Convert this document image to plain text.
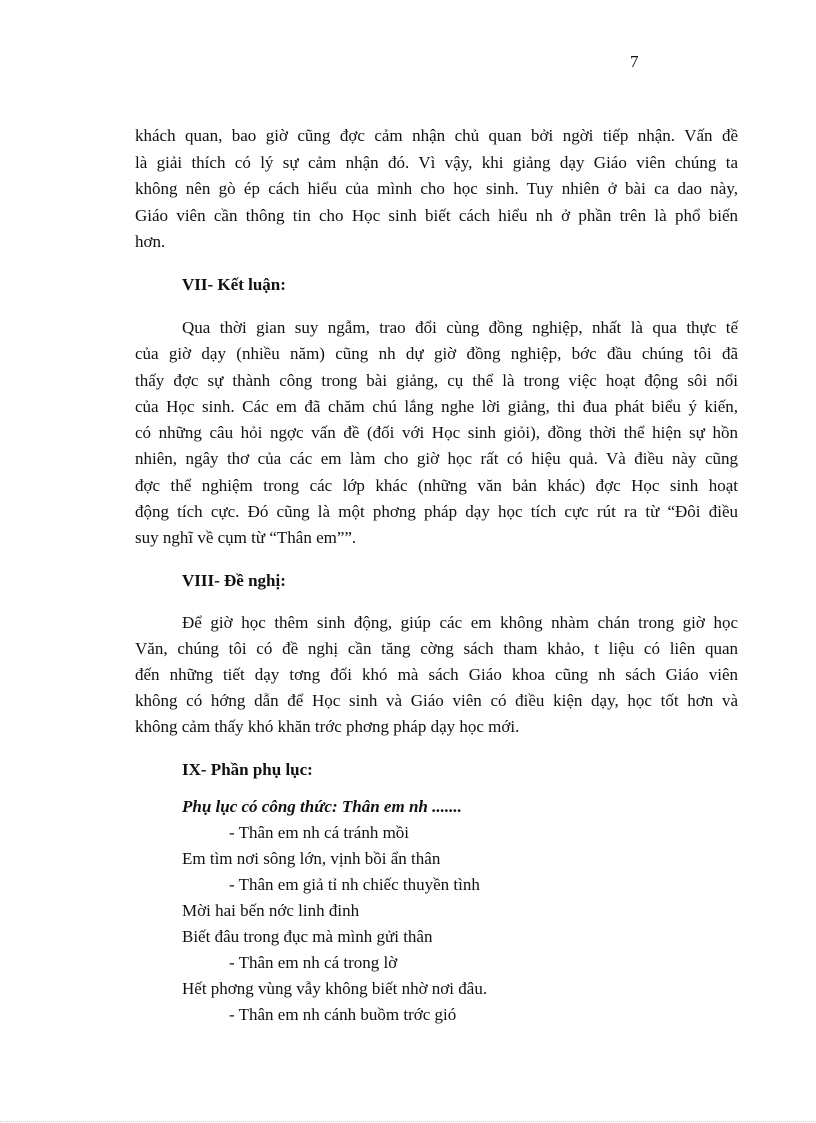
7
khách quan, bao giờ cũng đợc cảm nhận chủ quan bởi ngời tiếp nhận. Vấn đề
là giải thích có lý sự cảm nhận đó. Vì vậy, khi giảng dạy Giáo viên chúng ta
không nên gò ép cách hiểu của mình cho học sinh. Tuy nhiên ở bài ca dao này,
Giáo viên cần thông tin cho Học sinh biết cách hiểu nh ở phần trên là phổ biến
hơn.
VII- Kết luận:
Qua thời gian suy ngẫm, trao đổi cùng đồng nghiệp, nhất là qua thực tế
của giờ dạy (nhiều năm) cũng nh dự giờ đồng nghiệp, bớc đầu chúng tôi đã
thấy đợc sự thành công trong bài giảng, cụ thể là trong việc hoạt động sôi nổi
của Học sinh. Các em đã chăm chú lắng nghe lời giảng, thi đua phát biểu ý kiến,
có những câu hỏi ngợc vấn đề (đối với Học sinh giỏi), đồng thời thể hiện sự hồn
nhiên, ngây thơ của các em làm cho giờ học rất có hiệu quả. Và điều này cũng
đợc thể nghiệm trong các lớp khác (những văn bản khác) đợc Học sinh hoạt
động tích cực. Đó cũng là một phơng pháp dạy học tích cực rút ra từ “Đôi điều
suy nghĩ về cụm từ “Thân em””.
VIII- Đề nghị:
Để giờ học thêm sinh động, giúp các em không nhàm chán trong giờ học
Văn, chúng tôi có đề nghị cần tăng cờng sách tham khảo, t liệu có liên quan
đến những tiết dạy tơng đối khó mà sách Giáo khoa cũng nh sách Giáo viên
không có hớng dẫn để Học sinh và Giáo viên có điều kiện dạy, học tốt hơn và
không cảm thấy khó khăn trớc phơng pháp dạy học mới.
IX- Phần phụ lục:
Phụ lục có công thức: Thân em nh .......
- Thân em nh cá tránh mồi
Em tìm nơi sông lớn, vịnh bồi ẩn thân
- Thân em giả tỉ nh chiếc thuyền tình
Mời hai bến nớc linh đinh
Biết đâu trong đục mà mình gửi thân
- Thân em nh cá trong lờ
Hết phơng vùng vẫy không biết nhờ nơi đâu.
- Thân em nh cánh buồm trớc gió
